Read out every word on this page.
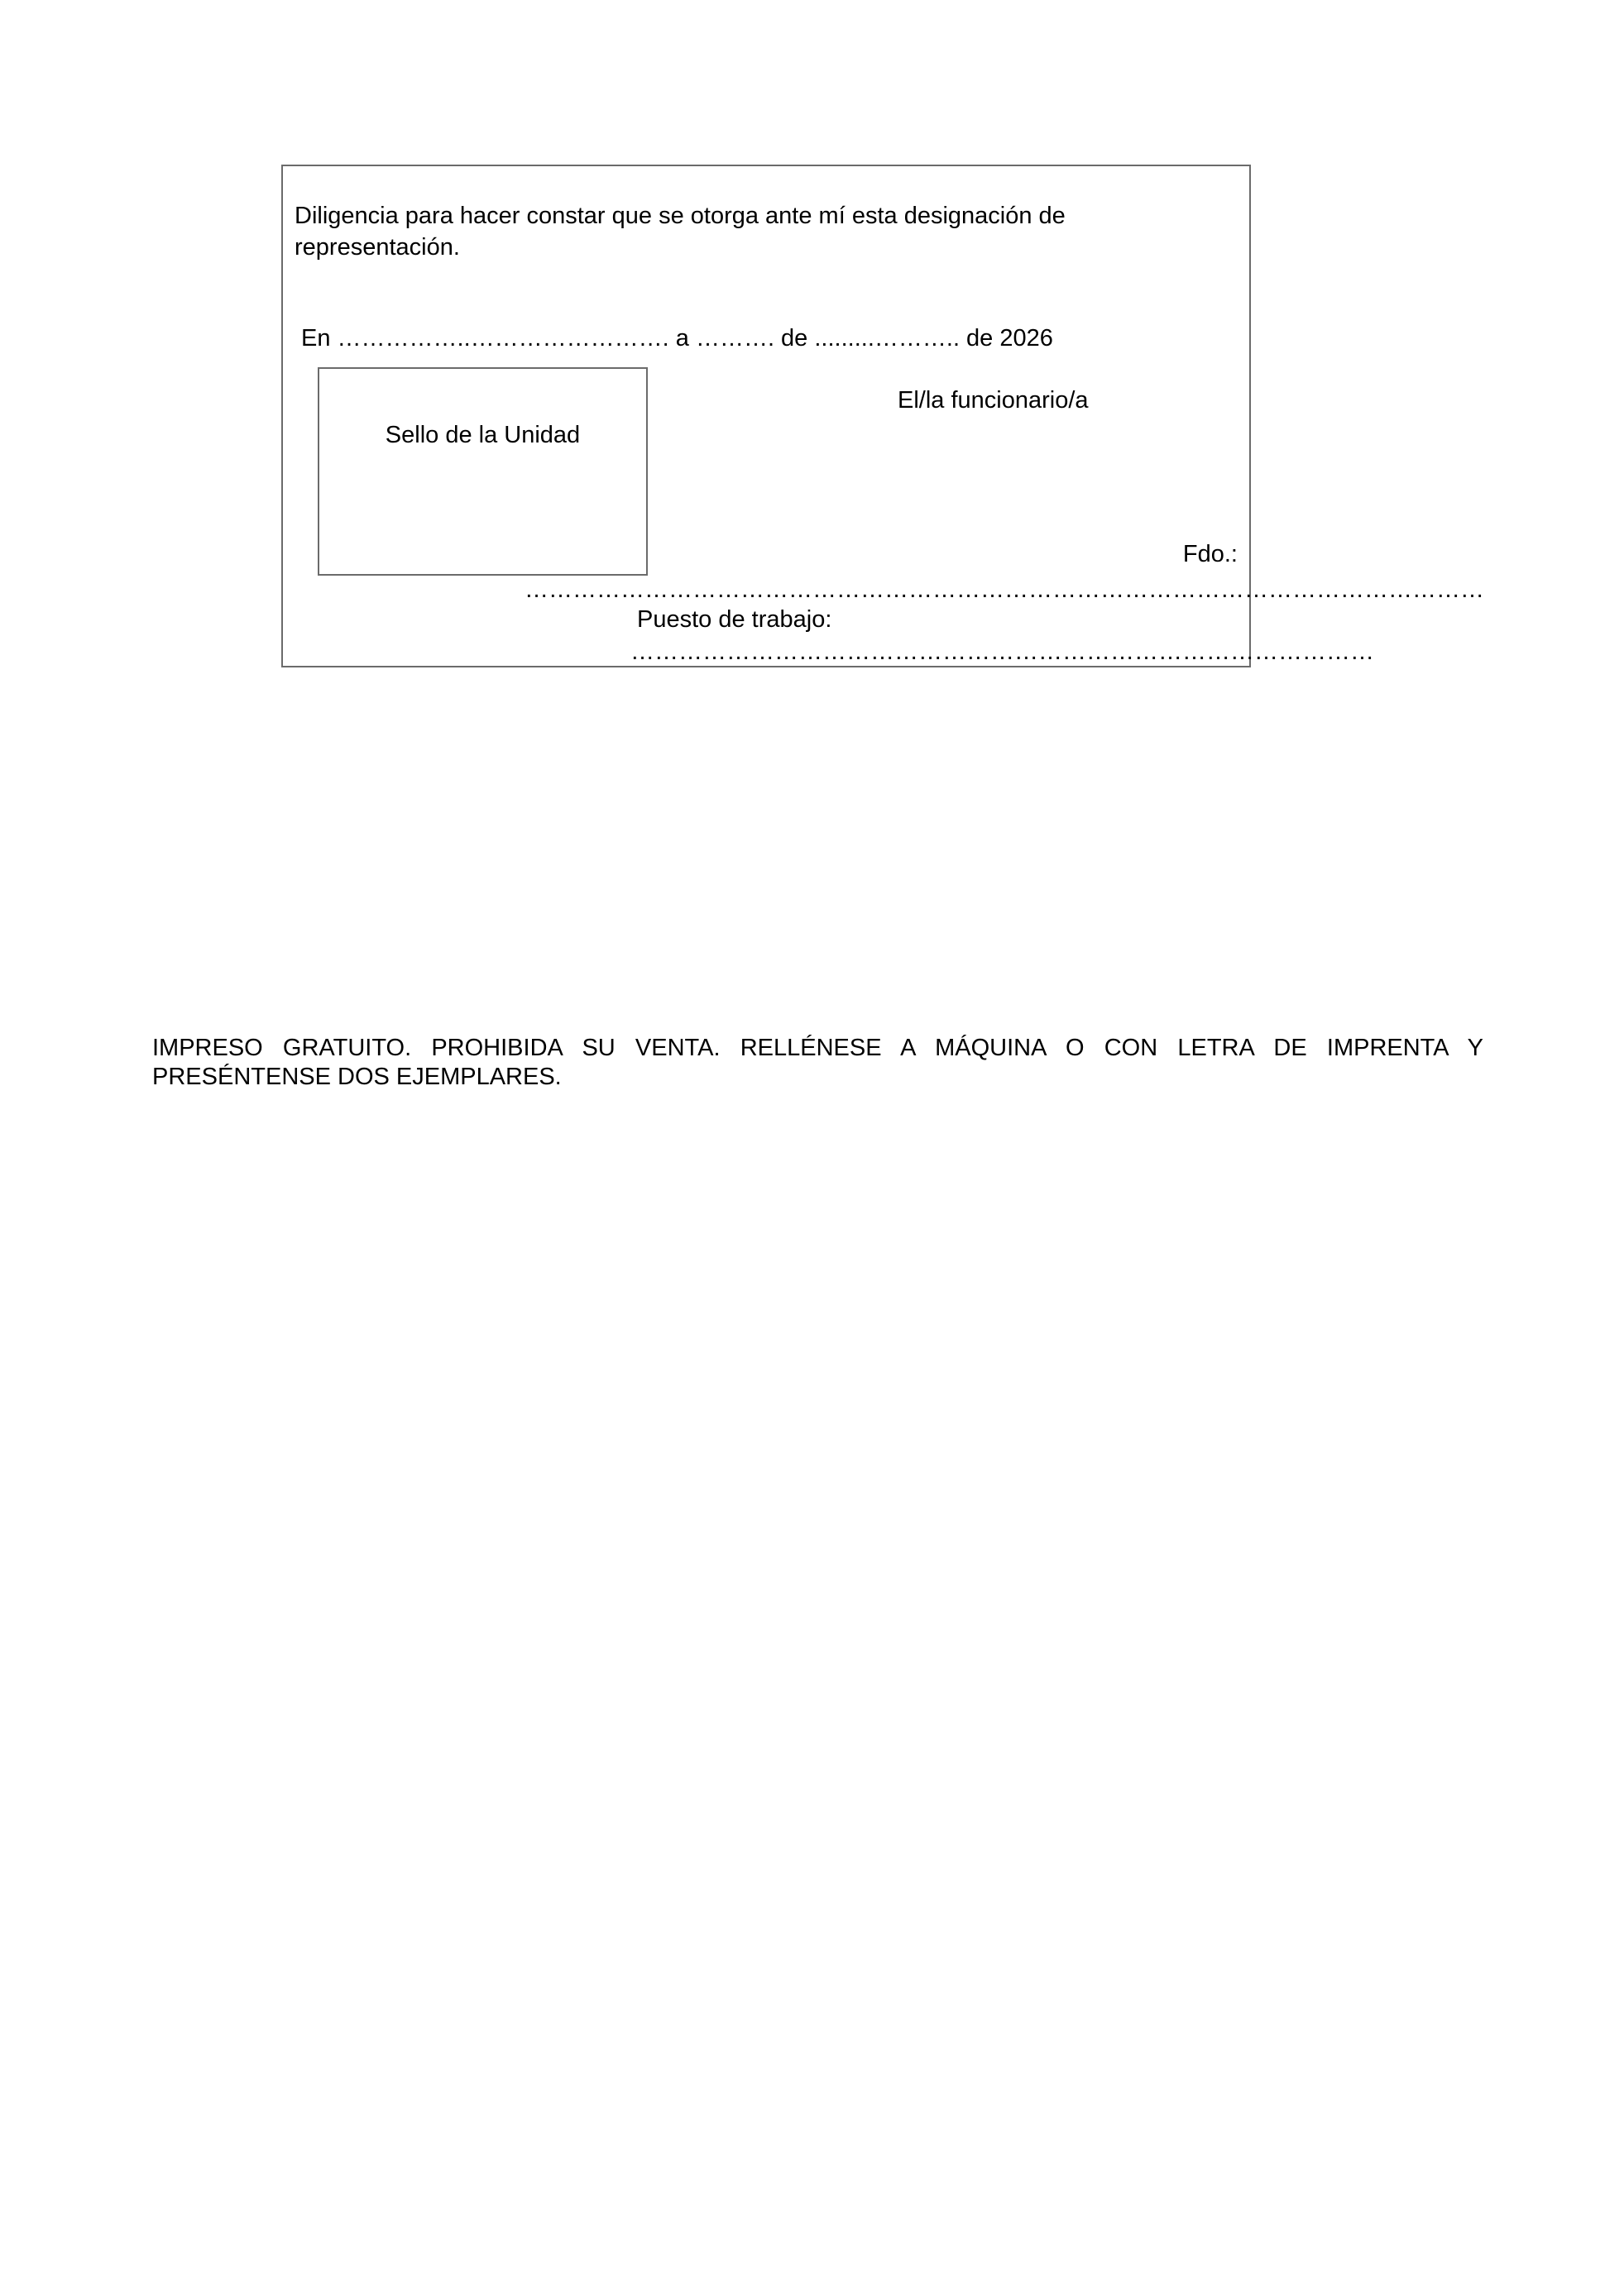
Diligencia para hacer constar que se otorga ante mí esta designación de
representación.
En ……………..……………………. a ………. de .........……….. de 2026
Sello de la Unidad
El/la funcionario/a
Fdo.:
…………………………………………………………………………………………………………
Puesto de trabajo:
…………………………………………………………………………………
IMPRESO GRATUITO. PROHIBIDA SU VENTA. RELLÉNESE A MÁQUINA O CON LETRA DE IMPRENTA Y PRESÉNTENSE DOS EJEMPLARES.
